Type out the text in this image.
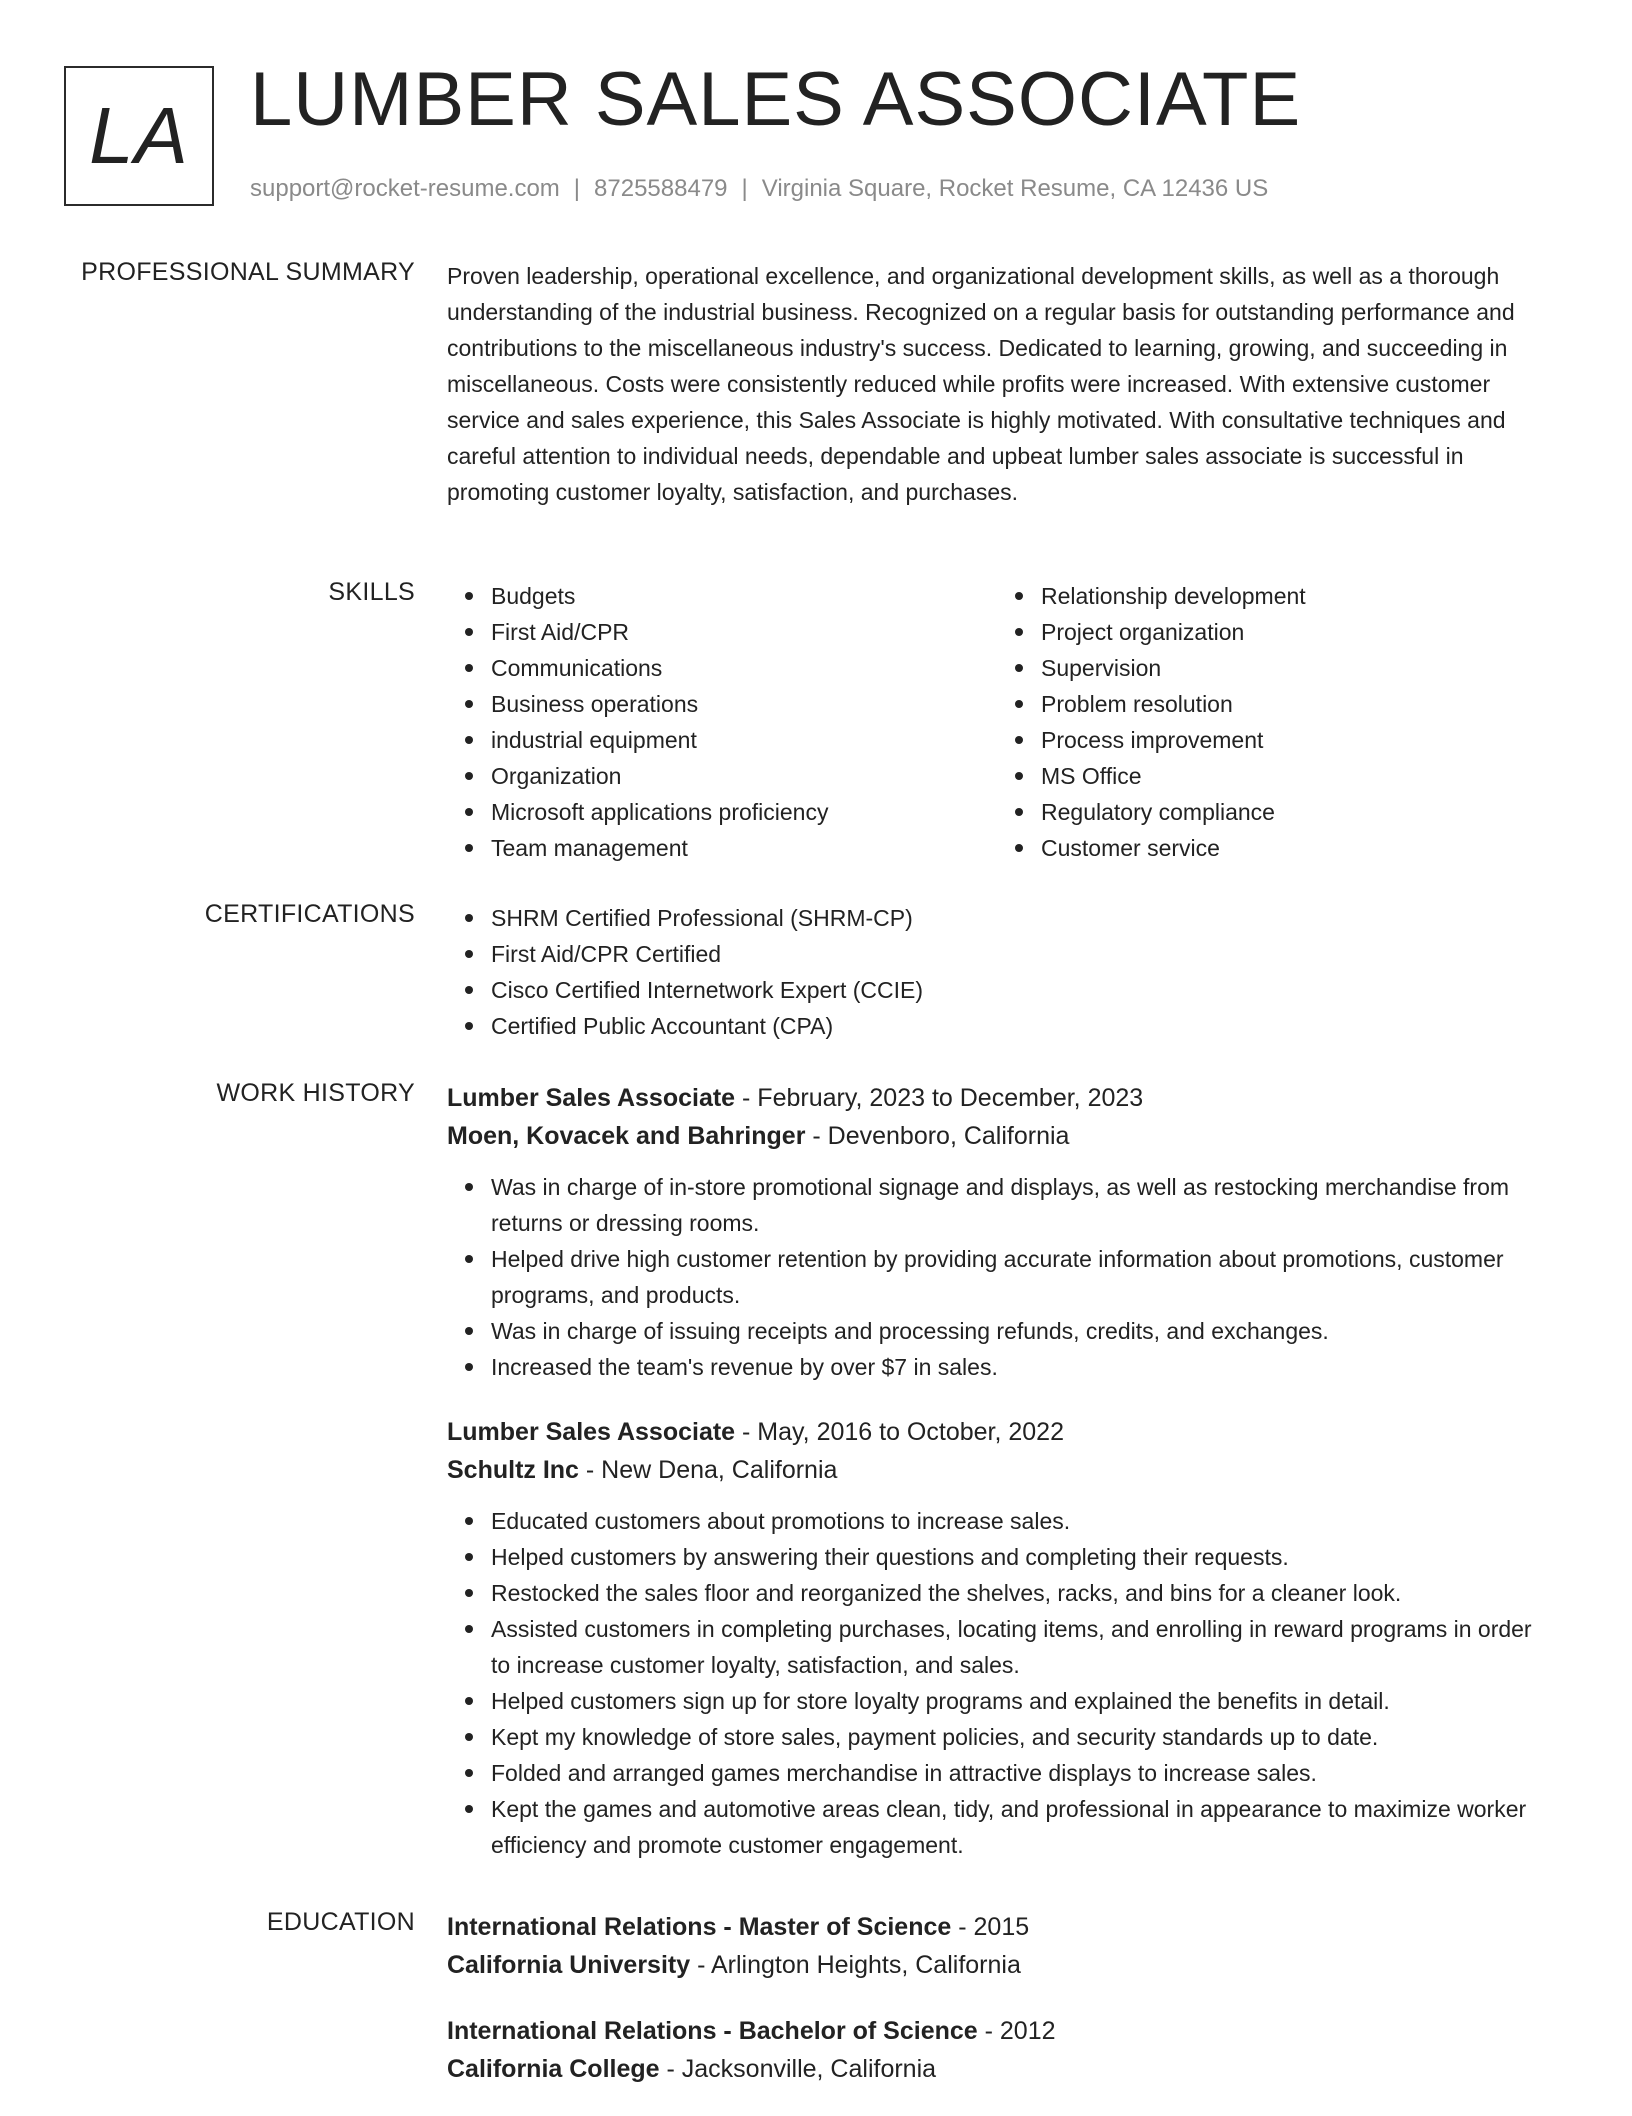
LA LUMBER SALES ASSOCIATE
support@rocket-resume.com | 8725588479 | Virginia Square, Rocket Resume, CA 12436 US
PROFESSIONAL SUMMARY Proven leadership, operational excellence, and organizational development skills, as well as a thorough understanding of the industrial business. Recognized on a regular basis for outstanding performance and contributions to the miscellaneous industry's success. Dedicated to learning, growing, and succeeding in miscellaneous. Costs were consistently reduced while profits were increased. With extensive customer service and sales experience, this Sales Associate is highly motivated. With consultative techniques and careful attention to individual needs, dependable and upbeat lumber sales associate is successful in promoting customer loyalty, satisfaction, and purchases.

SKILLS	Budgets
First Aid/CPR
Communications
Business operations
industrial equipment
Organization
Microsoft applications proficiency
Team management
Relationship development
Project organization
Supervision
Problem resolution
Process improvement
MS Office
Regulatory compliance
Customer service
CERTIFICATIONS	SHRM Certified Professional (SHRM-CP)
First Aid/CPR Certified
Cisco Certified Internetwork Expert (CCIE)
Certified Public Accountant (CPA)
WORK HISTORY Lumber Sales Associate - February, 2023 to December, 2023
Moen, Kovacek and Bahringer - Devenboro, California
Was in charge of in-store promotional signage and displays, as well as restocking merchandise from returns or dressing rooms.
Helped drive high customer retention by providing accurate information about promotions, customer programs, and products.
Was in charge of issuing receipts and processing refunds, credits, and exchanges.
Increased the team's revenue by over $7 in sales.
Lumber Sales Associate - May, 2016 to October, 2022
Schultz Inc - New Dena, California
Educated customers about promotions to increase sales.
Helped customers by answering their questions and completing their requests.
Restocked the sales floor and reorganized the shelves, racks, and bins for a cleaner look.
Assisted customers in completing purchases, locating items, and enrolling in reward programs in order to increase customer loyalty, satisfaction, and sales.
Helped customers sign up for store loyalty programs and explained the benefits in detail.
Kept my knowledge of store sales, payment policies, and security standards up to date.
Folded and arranged games merchandise in attractive displays to increase sales.
Kept the games and automotive areas clean, tidy, and professional in appearance to maximize worker efficiency and promote customer engagement.
EDUCATION International Relations - Master of Science - 2015
California University - Arlington Heights, California
International Relations - Bachelor of Science - 2012
California College - Jacksonville, California
